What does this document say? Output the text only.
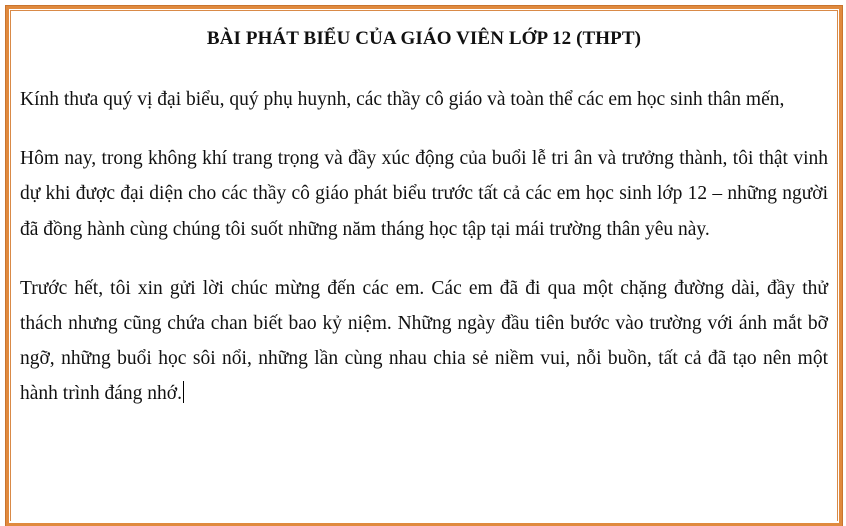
BÀI PHÁT BIỂU CỦA GIÁO VIÊN LỚP 12 (THPT)

Kính thưa quý vị đại biểu, quý phụ huynh, các thầy cô giáo và toàn thể các em học sinh thân mến,

Hôm nay, trong không khí trang trọng và đầy xúc động của buổi lễ tri ân và trưởng thành, tôi thật vinh dự khi được đại diện cho các thầy cô giáo phát biểu trước tất cả các em học sinh lớp 12 – những người đã đồng hành cùng chúng tôi suốt những năm tháng học tập tại mái trường thân yêu này.

Trước hết, tôi xin gửi lời chúc mừng đến các em. Các em đã đi qua một chặng đường dài, đầy thử thách nhưng cũng chứa chan biết bao kỷ niệm. Những ngày đầu tiên bước vào trường với ánh mắt bỡ ngỡ, những buổi học sôi nổi, những lần cùng nhau chia sẻ niềm vui, nỗi buồn, tất cả đã tạo nên một hành trình đáng nhớ.
